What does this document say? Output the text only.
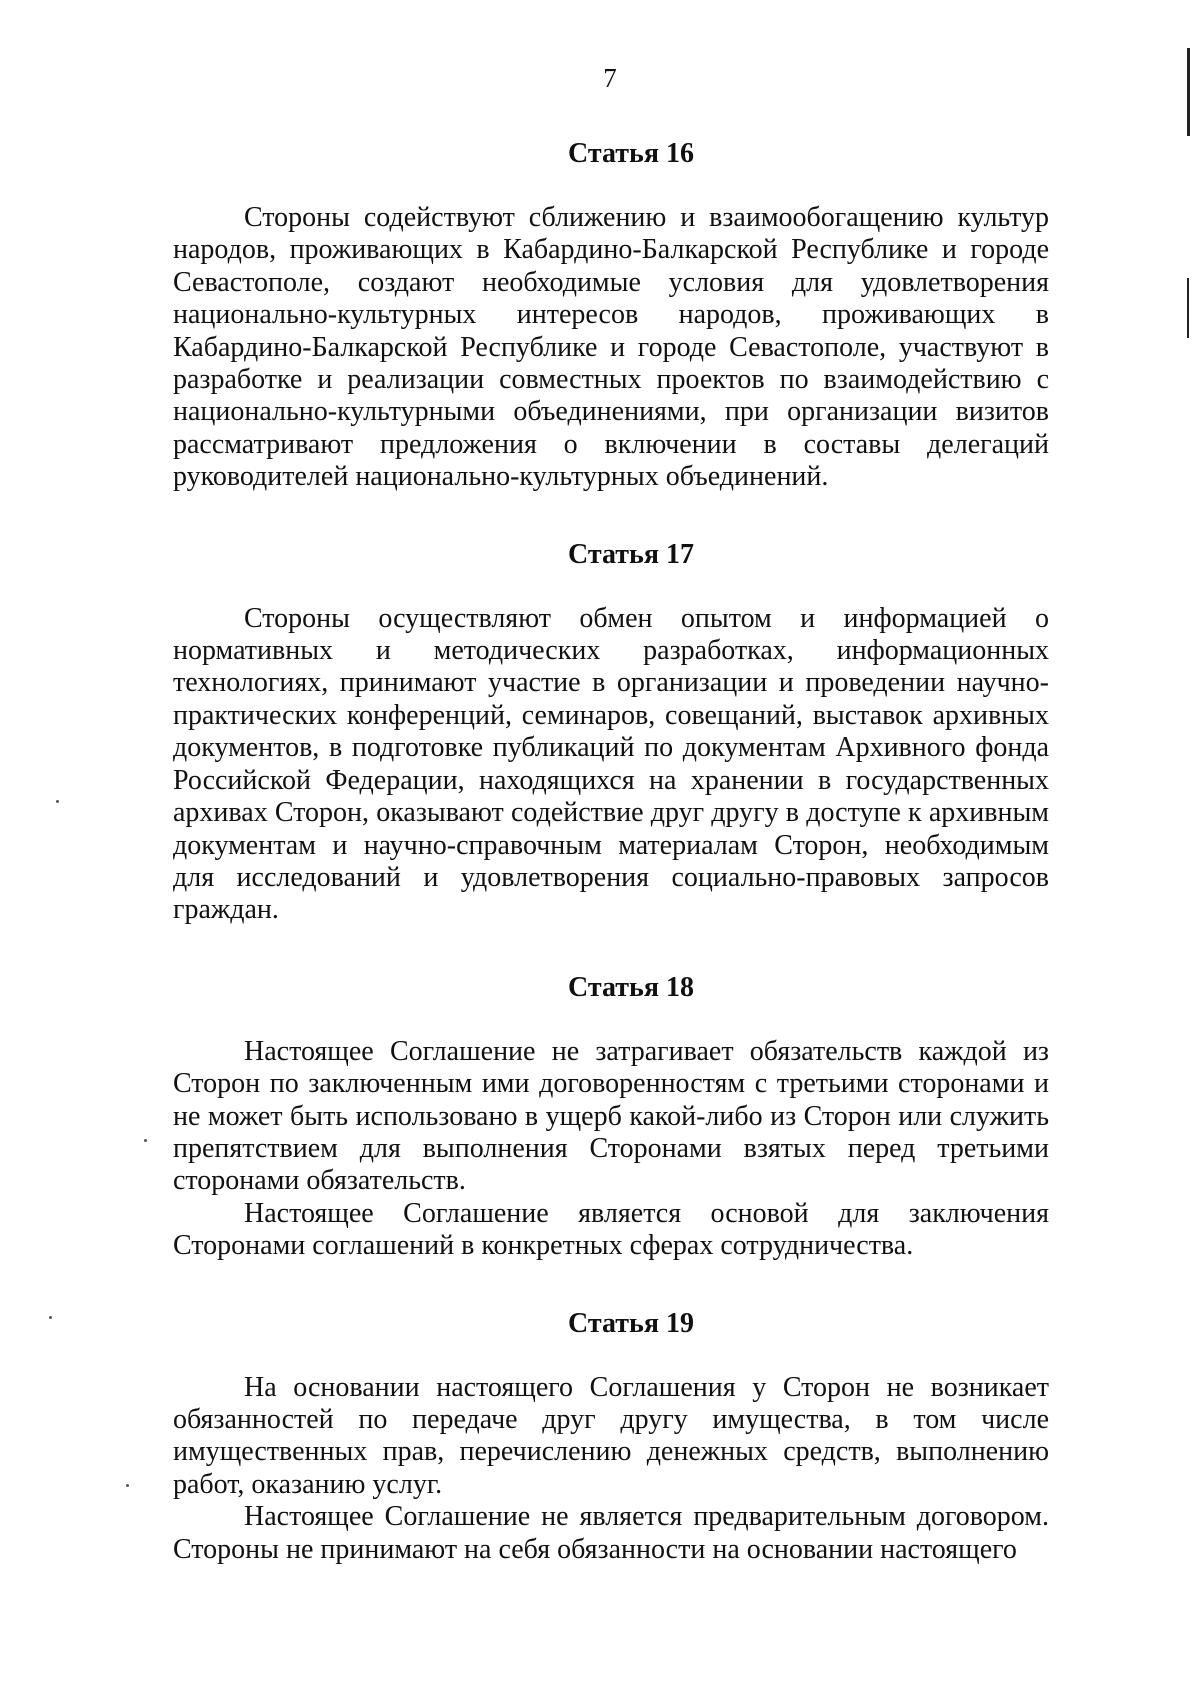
7
Статья 16

Стороны содействуют сближению и взаимообогащению культур народов, проживающих в Кабардино-Балкарской Республике и городе Севастополе, создают необходимые условия для удовлетворения национально-культурных интересов народов, проживающих в Кабардино-Балкарской Республике и городе Севастополе, участвуют в разработке и реализации совместных проектов по взаимодействию с национально-культурными объединениями, при организации визитов рассматривают предложения о включении в составы делегаций руководителей национально-культурных объединений.

Статья 17

Стороны осуществляют обмен опытом и информацией о нормативных и методических разработках, информационных технологиях, принимают участие в организации и проведении научно-практических конференций, семинаров, совещаний, выставок архивных документов, в подготовке публикаций по документам Архивного фонда Российской Федерации, находящихся на хранении в государственных архивах Сторон, оказывают содействие друг другу в доступе к архивным документам и научно-справочным материалам Сторон, необходимым для исследований и удовлетворения социально-правовых запросов граждан.

Статья 18

Настоящее Соглашение не затрагивает обязательств каждой из Сторон по заключенным ими договоренностям с третьими сторонами и не может быть использовано в ущерб какой-либо из Сторон или служить препятствием для выполнения Сторонами взятых перед третьими сторонами обязательств.

Настоящее Соглашение является основой для заключения Сторонами соглашений в конкретных сферах сотрудничества.

Статья 19

На основании настоящего Соглашения у Сторон не возникает обязанностей по передаче друг другу имущества, в том числе имущественных прав, перечислению денежных средств, выполнению работ, оказанию услуг.

Настоящее Соглашение не является предварительным договором. Стороны не принимают на себя обязанности на основании настоящего
